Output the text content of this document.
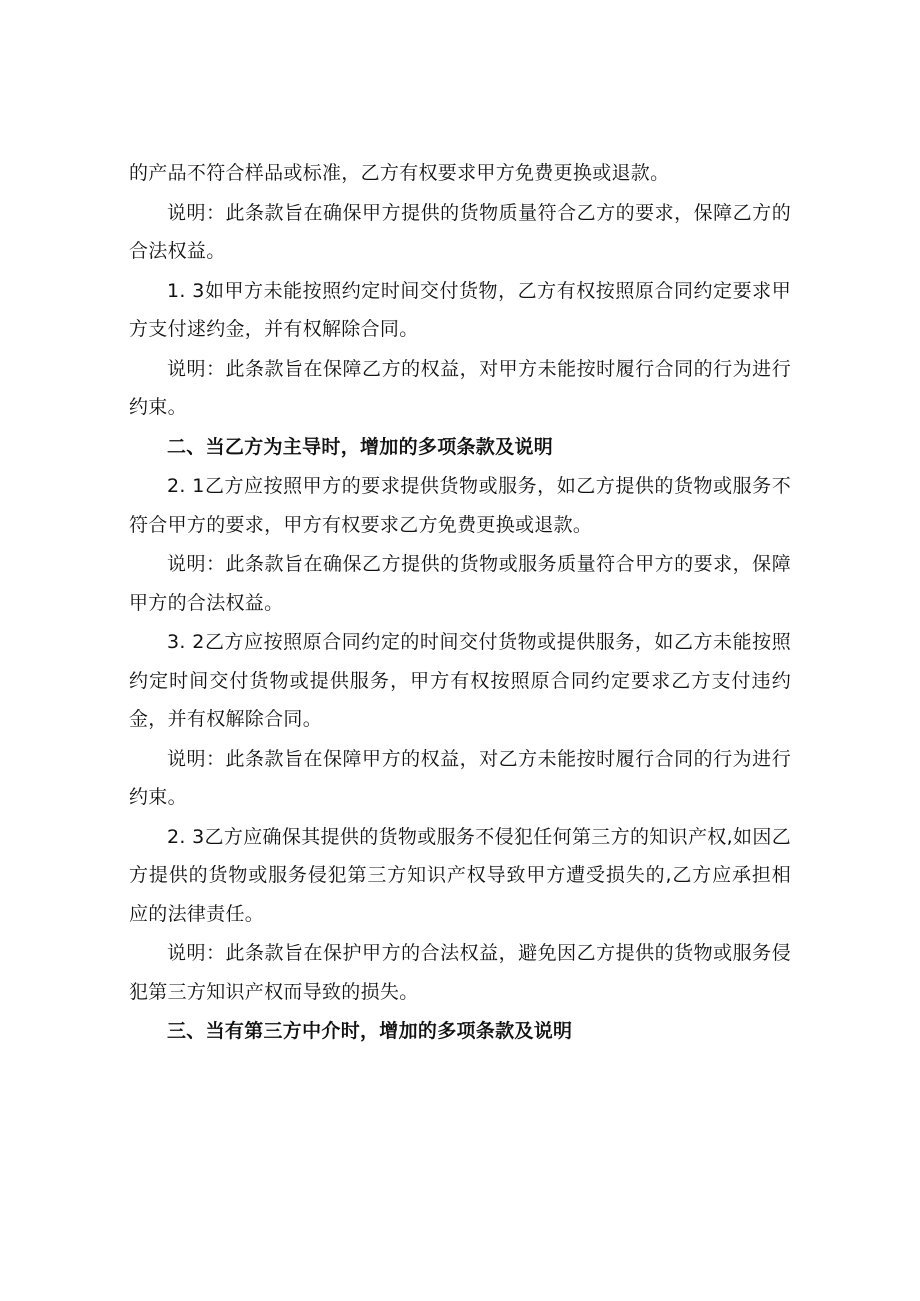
的产品不符合样品或标准，乙方有权要求甲方免费更换或退款。

说明：此条款旨在确保甲方提供的货物质量符合乙方的要求，保障乙方的合法权益。

1. 3如甲方未能按照约定时间交付货物，乙方有权按照原合同约定要求甲方支付逑约金，并有权解除合同。

说明：此条款旨在保障乙方的权益，对甲方未能按时履行合同的行为进行约束。

二、当乙方为主导时，增加的多项条款及说明

2. 1乙方应按照甲方的要求提供货物或服务，如乙方提供的货物或服务不符合甲方的要求，甲方有权要求乙方免费更换或退款。

说明：此条款旨在确保乙方提供的货物或服务质量符合甲方的要求，保障甲方的合法权益。

3. 2乙方应按照原合同约定的时间交付货物或提供服务，如乙方未能按照约定时间交付货物或提供服务，甲方有权按照原合同约定要求乙方支付违约金，并有权解除合同。

说明：此条款旨在保障甲方的权益，对乙方未能按时履行合同的行为进行约束。

2. 3乙方应确保其提供的货物或服务不侵犯任何第三方的知识产权,如因乙方提供的货物或服务侵犯第三方知识产权导致甲方遭受损失的,乙方应承担相应的法律责任。

说明：此条款旨在保护甲方的合法权益，避免因乙方提供的货物或服务侵犯第三方知识产权而导致的损失。

三、当有第三方中介时，增加的多项条款及说明
